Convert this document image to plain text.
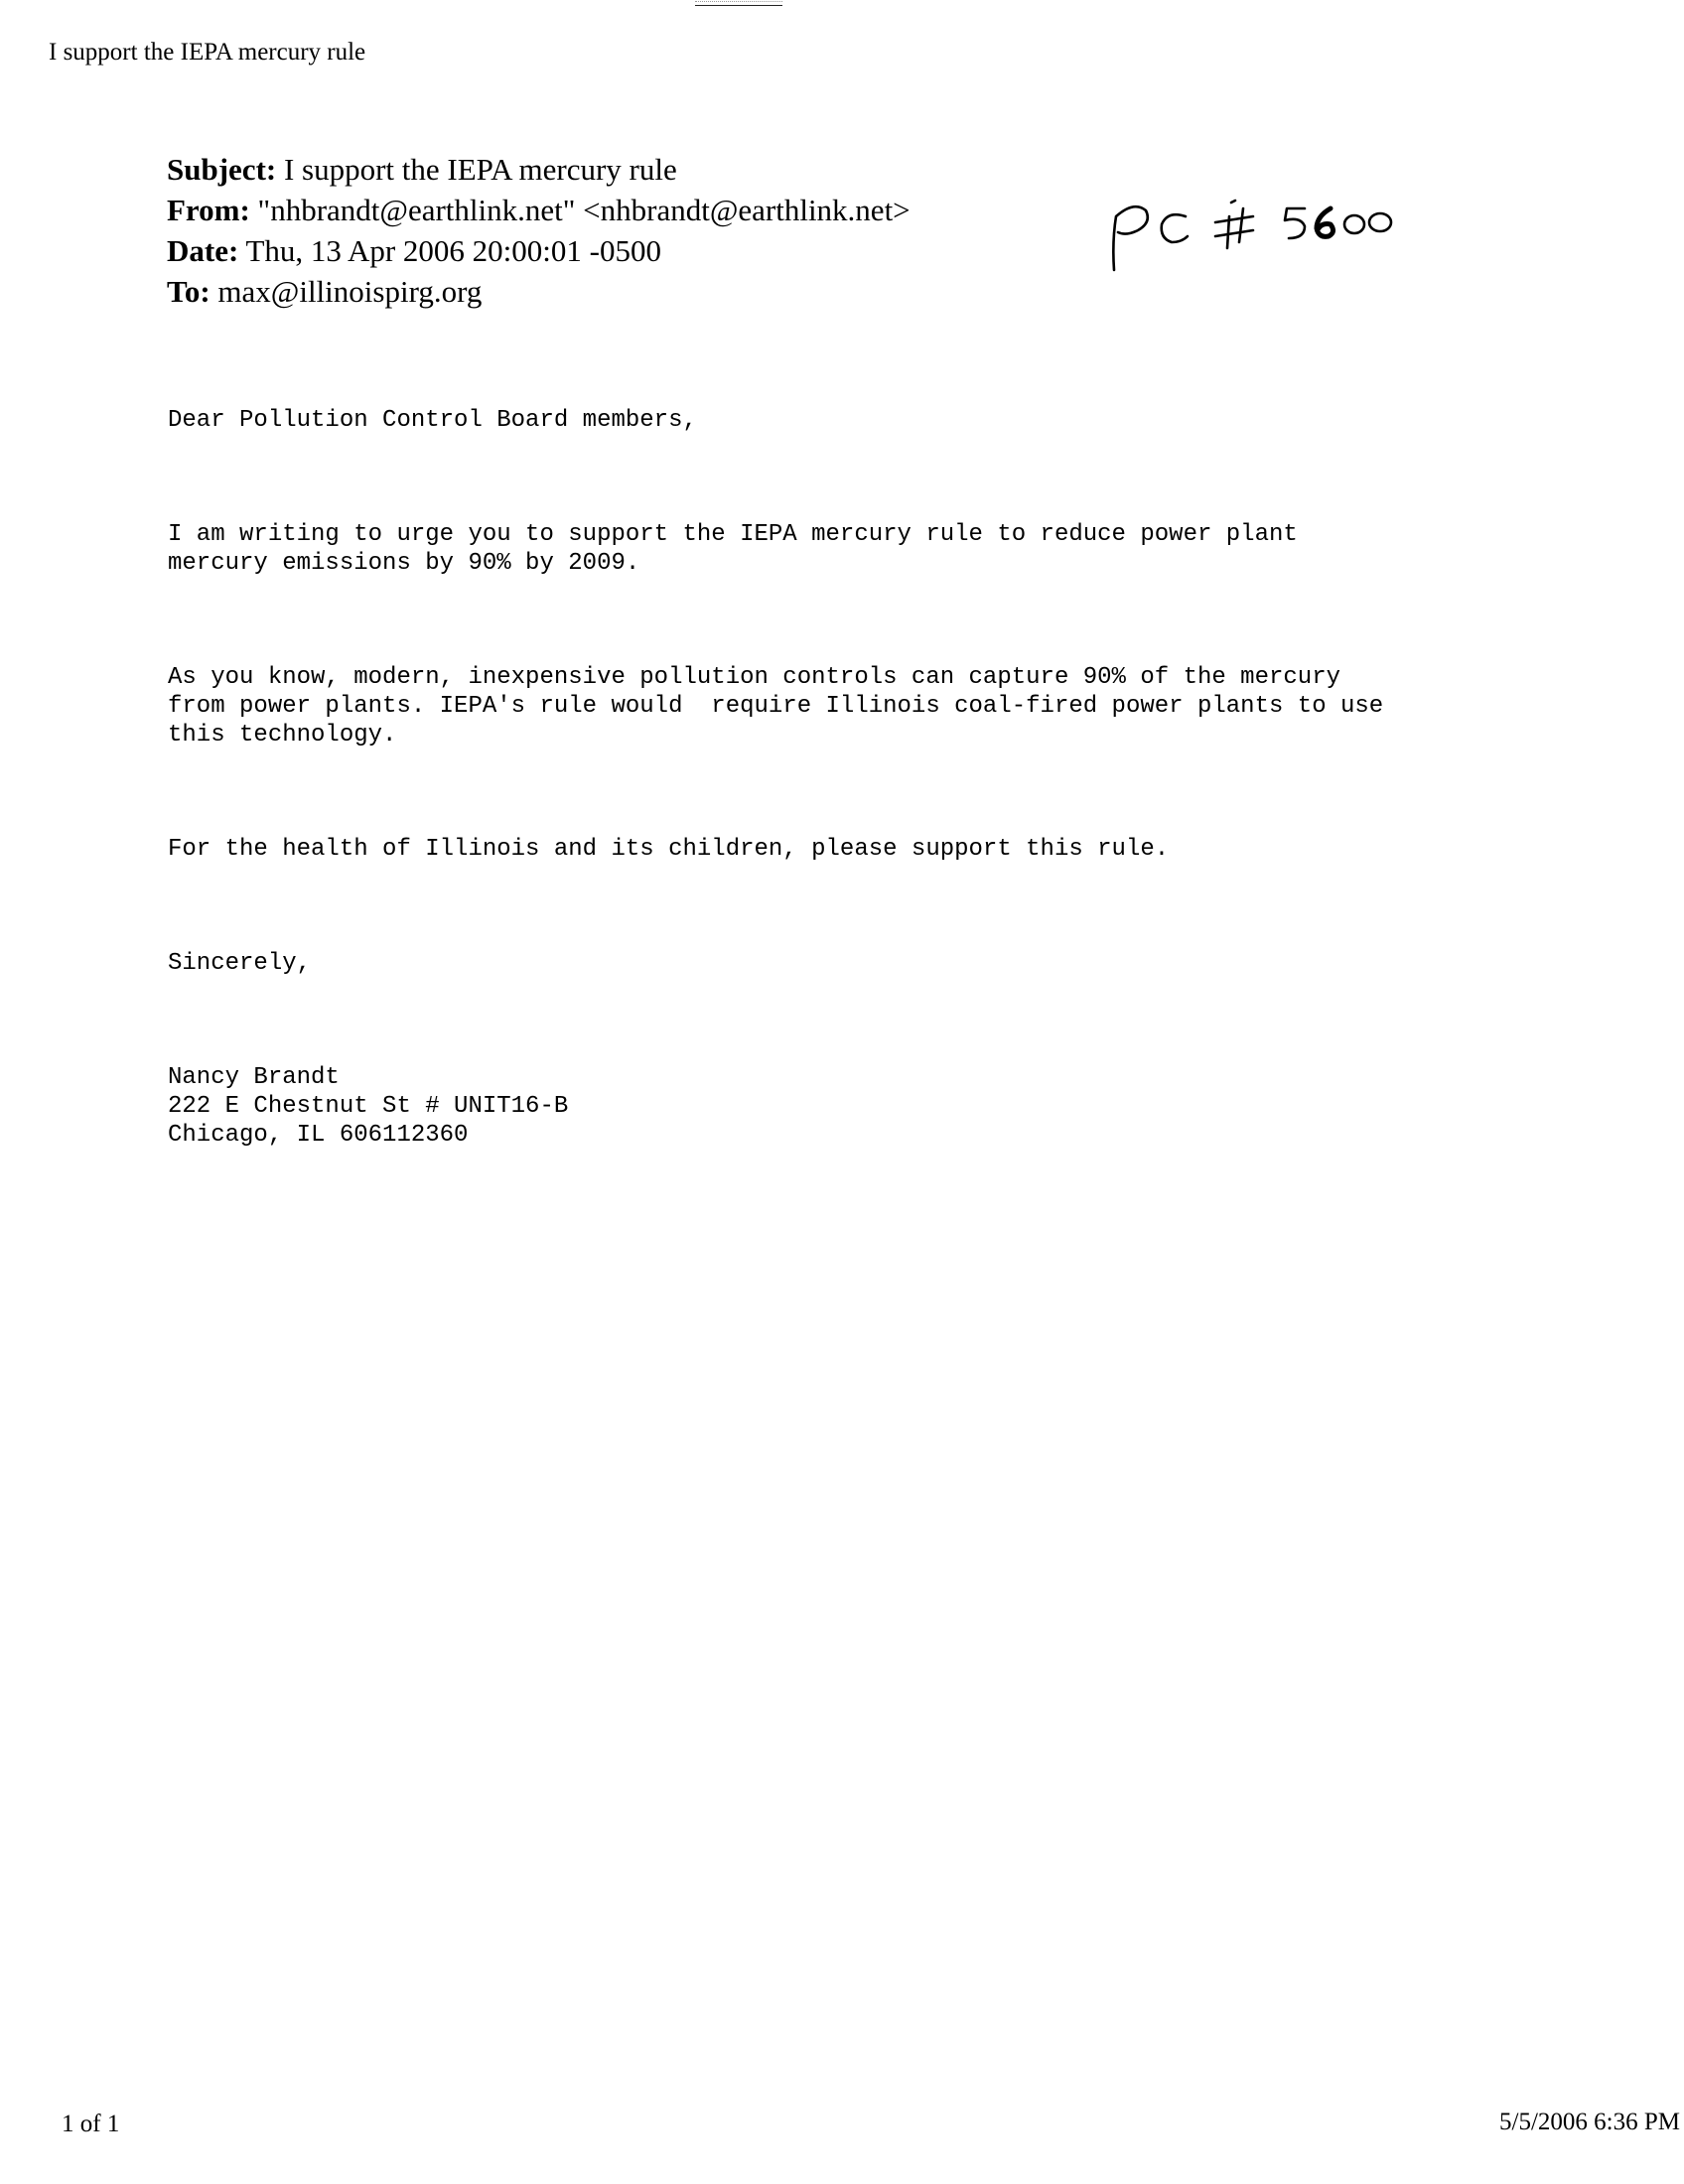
I support the IEPA mercury rule
Subject: I support the IEPA mercury rule
From: "nhbrandt@earthlink.net" <nhbrandt@earthlink.net>
Date: Thu, 13 Apr 2006 20:00:01 -0500
To: max@illinoispirg.org

Dear Pollution Control Board members,

I am writing to urge you to support the IEPA mercury rule to reduce power plant
mercury emissions by 90% by 2009.

As you know, modern, inexpensive pollution controls can capture 90% of the mercury
from power plants. IEPA's rule would  require Illinois coal-fired power plants to use
this technology.

For the health of Illinois and its children, please support this rule.

Sincerely,

Nancy Brandt
222 E Chestnut St # UNIT16-B
Chicago, IL 606112360

1 of 1	5/5/2006 6:36 PM
